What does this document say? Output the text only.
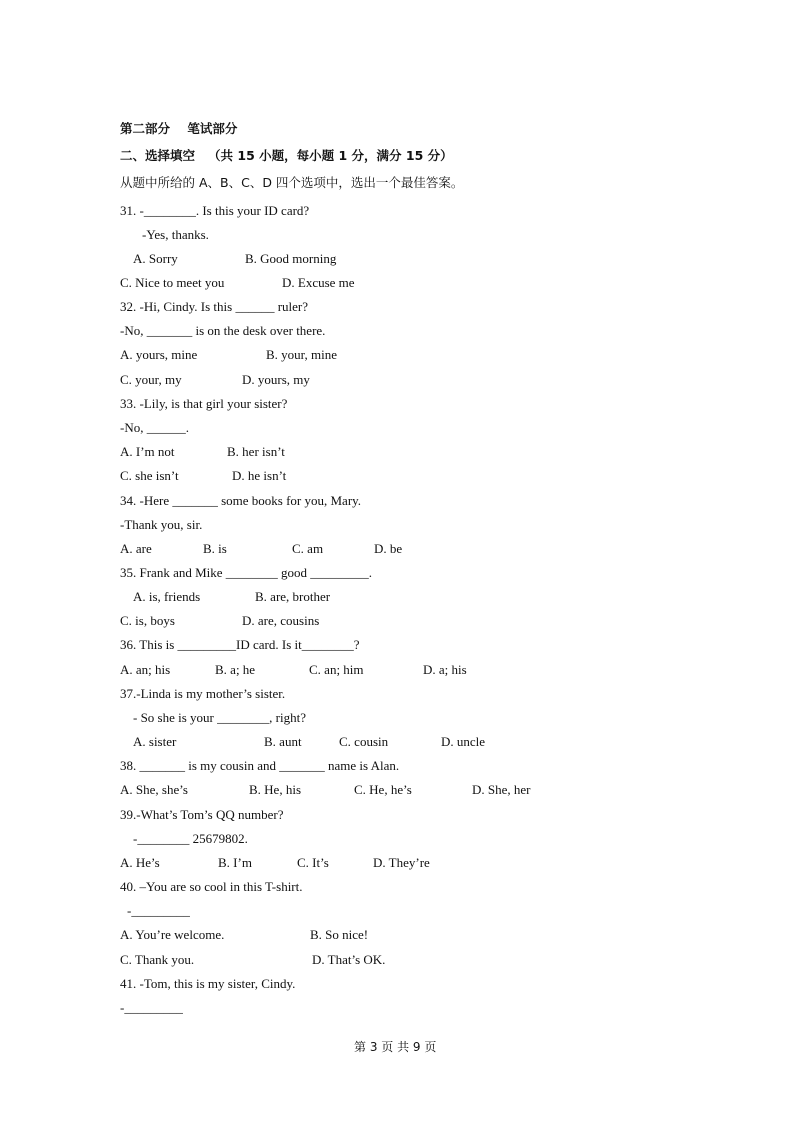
第二部分    笔试部分
二、选择填空   （共 15 小题，每小题 1 分，满分 15 分）
从题中所给的 A、B、C、D 四个选项中，选出一个最佳答案。
31. -________. Is this your ID card?
-Yes, thanks.
A. Sorry	B. Good morning
C. Nice to meet you	D. Excuse me
32. -Hi, Cindy. Is this ______ ruler?
-No, _______ is on the desk over there.
A. yours, mine	B. your, mine
C. your, my	D. yours, my
33. -Lily, is that girl your sister?
-No, ______.
A. I’m not	B. her isn’t
C. she isn’t	D. he isn’t
34. -Here _______ some books for you, Mary.
-Thank you, sir.
A. are	B. is	C. am	D. be
35. Frank and Mike ________ good _________.
A. is, friends	B. are, brother
C. is, boys	D. are, cousins
36. This is _________ID card. Is it________?
A. an; his	B. a; he	C. an; him	D. a; his
37.-Linda is my mother’s sister.
- So she is your ________, right?
A. sister	B. aunt	C. cousin	D. uncle
38. _______ is my cousin and _______ name is Alan.
A. She, she’s	B. He, his	C. He, he’s	D. She, her
39.-What’s Tom’s QQ number?
-________ 25679802.
A. He’s	B. I’m	C. It’s	D. They’re
40. –You are so cool in this T-shirt.
-_________
A. You’re welcome.	B. So nice!
C. Thank you.	D. That’s OK.
41. -Tom, this is my sister, Cindy.
-_________
第 3 页 共 9 页
